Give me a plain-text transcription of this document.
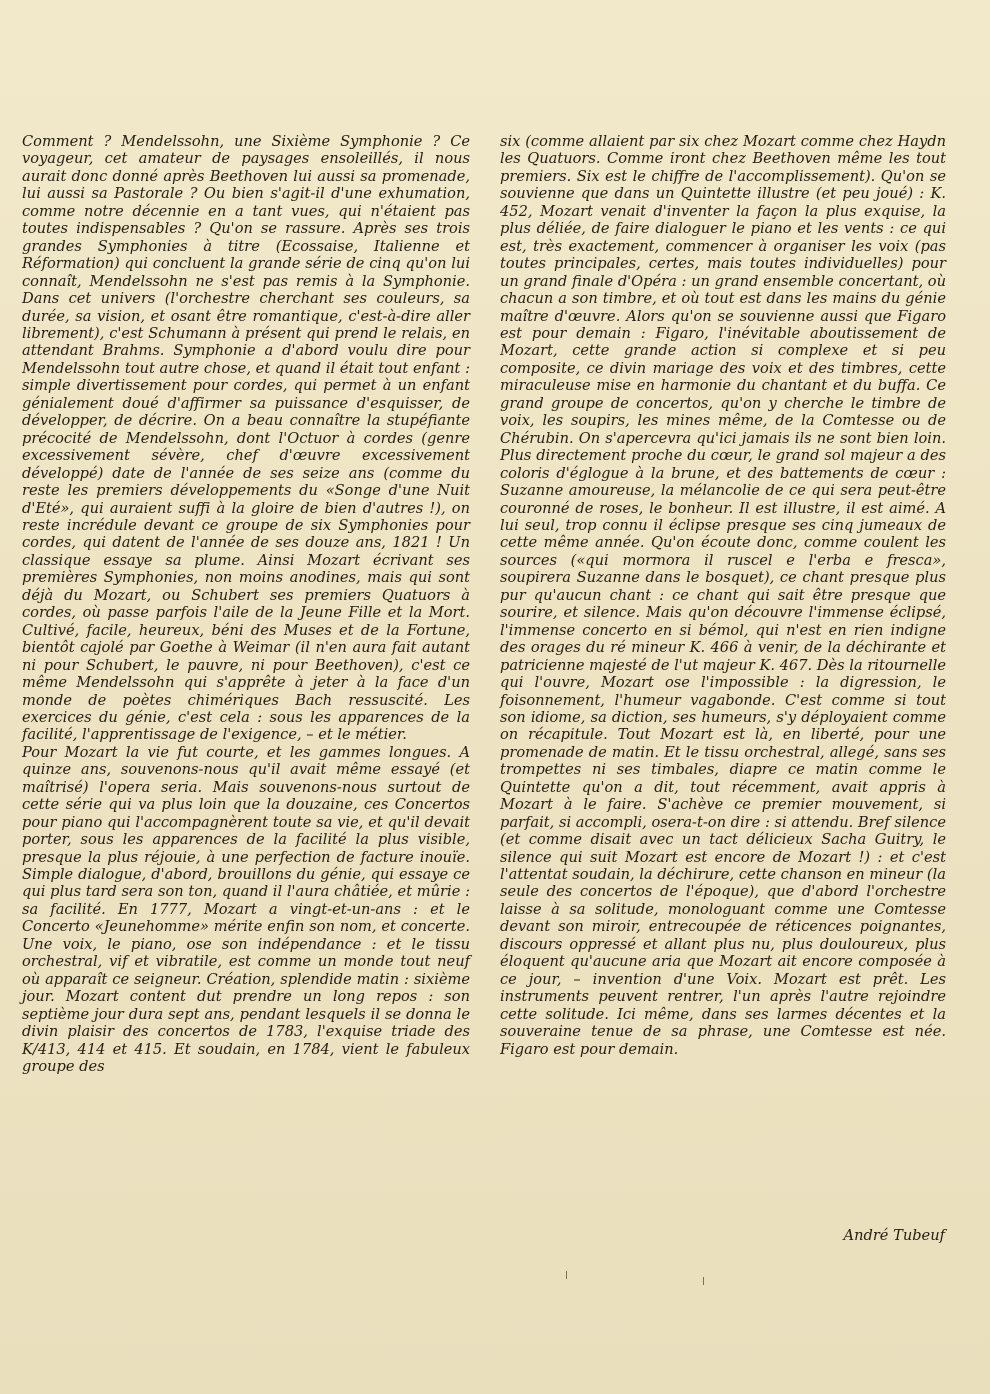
Comment ? Mendelssohn, une Sixième Symphonie ? Ce voyageur, cet amateur de paysages ensoleillés, il nous aurait donc donné après Beethoven lui aussi sa promenade, lui aussi sa Pastorale ? Ou bien s'agit-il d'une exhumation, comme notre décennie en a tant vues, qui n'étaient pas toutes indispensables ? Qu'on se rassure. Après ses trois grandes Symphonies à titre (Ecossaise, Italienne et Réformation) qui concluent la grande série de cinq qu'on lui connaît, Mendelssohn ne s'est pas remis à la Symphonie. Dans cet univers (l'orchestre cherchant ses couleurs, sa durée, sa vision, et osant être romantique, c'est-à-dire aller librement), c'est Schumann à présent qui prend le relais, en attendant Brahms. Symphonie a d'abord voulu dire pour Mendelssohn tout autre chose, et quand il était tout enfant : simple divertissement pour cordes, qui permet à un enfant génialement doué d'affirmer sa puissance d'esquisser, de développer, de décrire. On a beau connaître la stupéfiante précocité de Mendelssohn, dont l'Octuor à cordes (genre excessivement sévère, chef d'œuvre excessivement développé) date de l'année de ses seize ans (comme du reste les premiers développements du «Songe d'une Nuit d'Eté», qui auraient suffi à la gloire de bien d'autres !), on reste incrédule devant ce groupe de six Symphonies pour cordes, qui datent de l'année de ses douze ans, 1821 ! Un classique essaye sa plume. Ainsi Mozart écrivant ses premières Symphonies, non moins anodines, mais qui sont déjà du Mozart, ou Schubert ses premiers Quatuors à cordes, où passe parfois l'aile de la Jeune Fille et la Mort. Cultivé, facile, heureux, béni des Muses et de la Fortune, bientôt cajolé par Goethe à Weimar (il n'en aura fait autant ni pour Schubert, le pauvre, ni pour Beethoven), c'est ce même Mendelssohn qui s'apprête à jeter à la face d'un monde de poètes chimériques Bach ressuscité. Les exercices du génie, c'est cela : sous les apparences de la facilité, l'apprentissage de l'exigence, – et le métier.

Pour Mozart la vie fut courte, et les gammes longues. A quinze ans, souvenons-nous qu'il avait même essayé (et maîtrisé) l'opera seria. Mais souvenons-nous surtout de cette série qui va plus loin que la douzaine, ces Concertos pour piano qui l'accompagnèrent toute sa vie, et qu'il devait porter, sous les apparences de la facilité la plus visible, presque la plus réjouie, à une perfection de facture inouïe. Simple dialogue, d'abord, brouillons du génie, qui essaye ce qui plus tard sera son ton, quand il l'aura châtiée, et mûrie : sa facilité. En 1777, Mozart a vingt-et-un-ans : et le Concerto «Jeunehomme» mérite enfin son nom, et concerte. Une voix, le piano, ose son indépendance : et le tissu orchestral, vif et vibratile, est comme un monde tout neuf où apparaît ce seigneur. Création, splendide matin : sixième jour. Mozart content dut prendre un long repos : son septième jour dura sept ans, pendant lesquels il se donna le divin plaisir des concertos de 1783, l'exquise triade des K/413, 414 et 415. Et soudain, en 1784, vient le fabuleux groupe des

six (comme allaient par six chez Mozart comme chez Haydn les Quatuors. Comme iront chez Beethoven même les tout premiers. Six est le chiffre de l'accomplissement). Qu'on se souvienne que dans un Quintette illustre (et peu joué) : K. 452, Mozart venait d'inventer la façon la plus exquise, la plus déliée, de faire dialoguer le piano et les vents : ce qui est, très exactement, commencer à organiser les voix (pas toutes principales, certes, mais toutes individuelles) pour un grand finale d'Opéra : un grand ensemble concertant, où chacun a son timbre, et où tout est dans les mains du génie maître d'œuvre. Alors qu'on se souvienne aussi que Figaro est pour demain : Figaro, l'inévitable aboutissement de Mozart, cette grande action si complexe et si peu composite, ce divin mariage des voix et des timbres, cette miraculeuse mise en harmonie du chantant et du buffa. Ce grand groupe de concertos, qu'on y cherche le timbre de voix, les soupirs, les mines même, de la Comtesse ou de Chérubin. On s'apercevra qu'ici jamais ils ne sont bien loin. Plus directement proche du cœur, le grand sol majeur a des coloris d'églogue à la brune, et des battements de cœur : Suzanne amoureuse, la mélancolie de ce qui sera peut-être couronné de roses, le bonheur. Il est illustre, il est aimé. A lui seul, trop connu il éclipse presque ses cinq jumeaux de cette même année. Qu'on écoute donc, comme coulent les sources («qui mormora il ruscel e l'erba e fresca», soupirera Suzanne dans le bosquet), ce chant presque plus pur qu'aucun chant : ce chant qui sait être presque que sourire, et silence. Mais qu'on découvre l'immense éclipsé, l'immense concerto en si bémol, qui n'est en rien indigne des orages du ré mineur K. 466 à venir, de la déchirante et patricienne majesté de l'ut majeur K. 467. Dès la ritournelle qui l'ouvre, Mozart ose l'impossible : la digression, le foisonnement, l'humeur vagabonde. C'est comme si tout son idiome, sa diction, ses humeurs, s'y déployaient comme on récapitule. Tout Mozart est là, en liberté, pour une promenade de matin. Et le tissu orchestral, allegé, sans ses trompettes ni ses timbales, diapre ce matin comme le Quintette qu'on a dit, tout récemment, avait appris à Mozart à le faire. S'achève ce premier mouvement, si parfait, si accompli, osera-t-on dire : si attendu. Bref silence (et comme disait avec un tact délicieux Sacha Guitry, le silence qui suit Mozart est encore de Mozart !) : et c'est l'attentat soudain, la déchirure, cette chanson en mineur (la seule des concertos de l'époque), que d'abord l'orchestre laisse à sa solitude, monologuant comme une Comtesse devant son miroir, entrecoupée de réticences poignantes, discours oppressé et allant plus nu, plus douloureux, plus éloquent qu'aucune aria que Mozart ait encore composée à ce jour, – invention d'une Voix. Mozart est prêt. Les instruments peuvent rentrer, l'un après l'autre rejoindre cette solitude. Ici même, dans ses larmes décentes et la souveraine tenue de sa phrase, une Comtesse est née. Figaro est pour demain.

André Tubeuf
